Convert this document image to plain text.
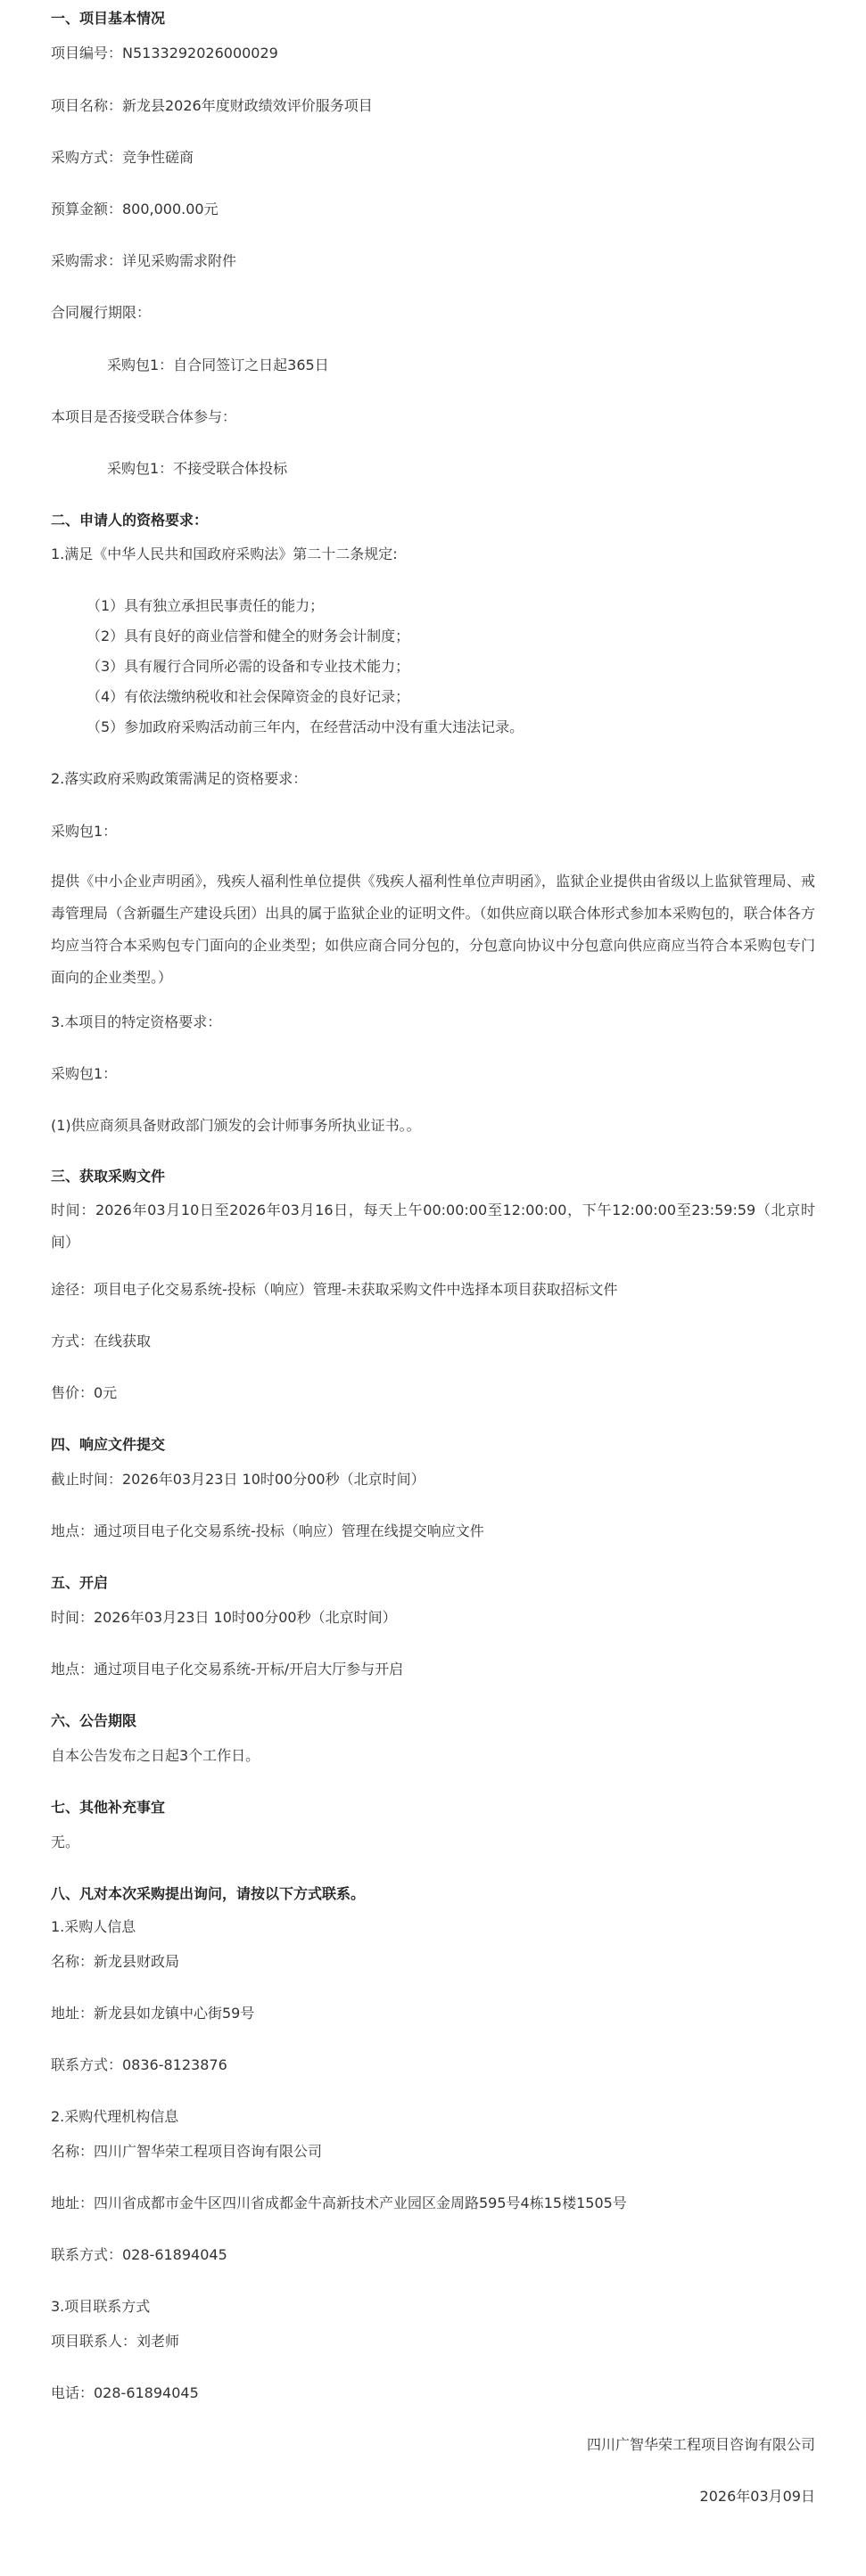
一、项目基本情况
项目编号：N5133292026000029
项目名称：新龙县2026年度财政绩效评价服务项目
采购方式：竞争性磋商
预算金额：800,000.00元
采购需求：详见采购需求附件
合同履行期限：
采购包1：自合同签订之日起365日
本项目是否接受联合体参与：
采购包1：不接受联合体投标
二、申请人的资格要求：
1.满足《中华人民共和国政府采购法》第二十二条规定:
（1）具有独立承担民事责任的能力；
（2）具有良好的商业信誉和健全的财务会计制度；
（3）具有履行合同所必需的设备和专业技术能力；
（4）有依法缴纳税收和社会保障资金的良好记录；
（5）参加政府采购活动前三年内，在经营活动中没有重大违法记录。
2.落实政府采购政策需满足的资格要求：
采购包1：
提供《中小企业声明函》，残疾人福利性单位提供《残疾人福利性单位声明函》，监狱企业提供由省级以上监狱管理局、戒毒管理局（含新疆生产建设兵团）出具的属于监狱企业的证明文件。（如供应商以联合体形式参加本采购包的，联合体各方均应当符合本采购包专门面向的企业类型；如供应商合同分包的，分包意向协议中分包意向供应商应当符合本采购包专门面向的企业类型。）
3.本项目的特定资格要求：
采购包1：
(1)供应商须具备财政部门颁发的会计师事务所执业证书。。
三、获取采购文件
时间：2026年03月10日至2026年03月16日，每天上午00:00:00至12:00:00，下午12:00:00至23:59:59（北京时间）
途径：项目电子化交易系统-投标（响应）管理-未获取采购文件中选择本项目获取招标文件
方式：在线获取
售价：0元
四、响应文件提交
截止时间：2026年03月23日 10时00分00秒（北京时间）
地点：通过项目电子化交易系统-投标（响应）管理在线提交响应文件
五、开启
时间：2026年03月23日 10时00分00秒（北京时间）
地点：通过项目电子化交易系统-开标/开启大厅参与开启
六、公告期限
自本公告发布之日起3个工作日。
七、其他补充事宜
无。
八、凡对本次采购提出询问，请按以下方式联系。
1.采购人信息
名称：新龙县财政局
地址：新龙县如龙镇中心街59号
联系方式：0836-8123876
2.采购代理机构信息
名称：四川广智华荣工程项目咨询有限公司
地址：四川省成都市金牛区四川省成都金牛高新技术产业园区金周路595号4栋15楼1505号
联系方式：028-61894045
3.项目联系方式
项目联系人：刘老师
电话：028-61894045
四川广智华荣工程项目咨询有限公司
2026年03月09日
